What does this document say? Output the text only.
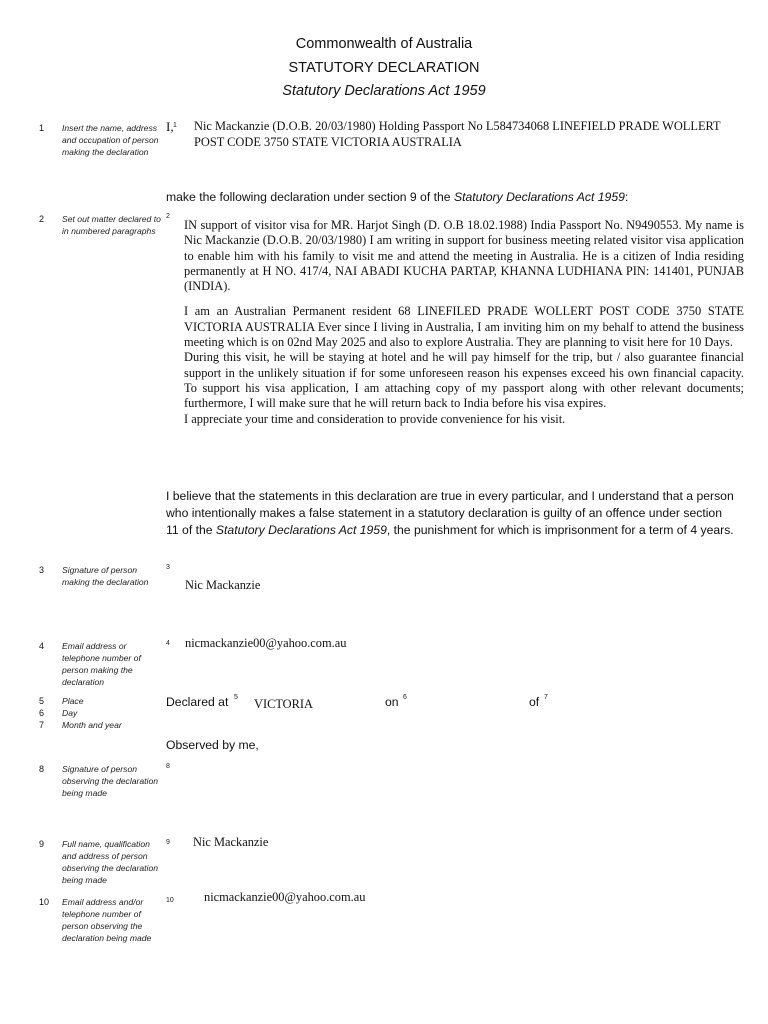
Commonwealth of Australia
STATUTORY DECLARATION
Statutory Declarations Act 1959
1 Insert the name, address and occupation of person making the declaration
2 Set out matter declared to in numbered paragraphs
3 Signature of person making the declaration
4 Email address or telephone number of person making the declaration
5 Place
6 Day
7 Month and year
8 Signature of person observing the declaration being made
9 Full name, qualification and address of person observing the declaration being made
10 Email address and/or telephone number of person observing the declaration being made
I, 1 Nic Mackanzie (D.O.B. 20/03/1980) Holding Passport No L584734068 LINEFIELD PRADE WOLLERT POST CODE 3750 STATE VICTORIA AUSTRALIA
make the following declaration under section 9 of the Statutory Declarations Act 1959:
2

IN support of visitor visa for MR. Harjot Singh (D. O.B 18.02.1988) India Passport No. N9490553. My name is Nic Mackanzie (D.O.B. 20/03/1980) I am writing in support for business meeting related visitor visa application to enable him with his family to visit me and attend the meeting in Australia. He is a citizen of India residing permanently at H NO. 417/4, NAI ABADI KUCHA PARTAP, KHANNA LUDHIANA PIN: 141401, PUNJAB (INDIA).

I am an Australian Permanent resident 68 LINEFILED PRADE WOLLERT POST CODE 3750 STATE VICTORIA AUSTRALIA Ever since I living in Australia, I am inviting him on my behalf to attend the business meeting which is on 02nd May 2025 and also to explore Australia. They are planning to visit here for 10 Days.

During this visit, he will be staying at hotel and he will pay himself for the trip, but / also guarantee financial support in the unlikely situation if for some unforeseen reason his expenses exceed his own financial capacity. To support his visa application, I am attaching copy of my passport along with other relevant documents; furthermore, I will make sure that he will return back to India before his visa expires.

I appreciate your time and consideration to provide convenience for his visit.

I believe that the statements in this declaration are true in every particular, and I understand that a person who intentionally makes a false statement in a statutory declaration is guilty of an offence under section 11 of the Statutory Declarations Act 1959, the punishment for which is imprisonment for a term of 4 years.
3
Nic Mackanzie
4 nicmackanzie00@yahoo.com.au
Declared at 5 VICTORIA	on 6	of 7
Observed by me,
8
9 Nic Mackanzie
10 nicmackanzie00@yahoo.com.au
